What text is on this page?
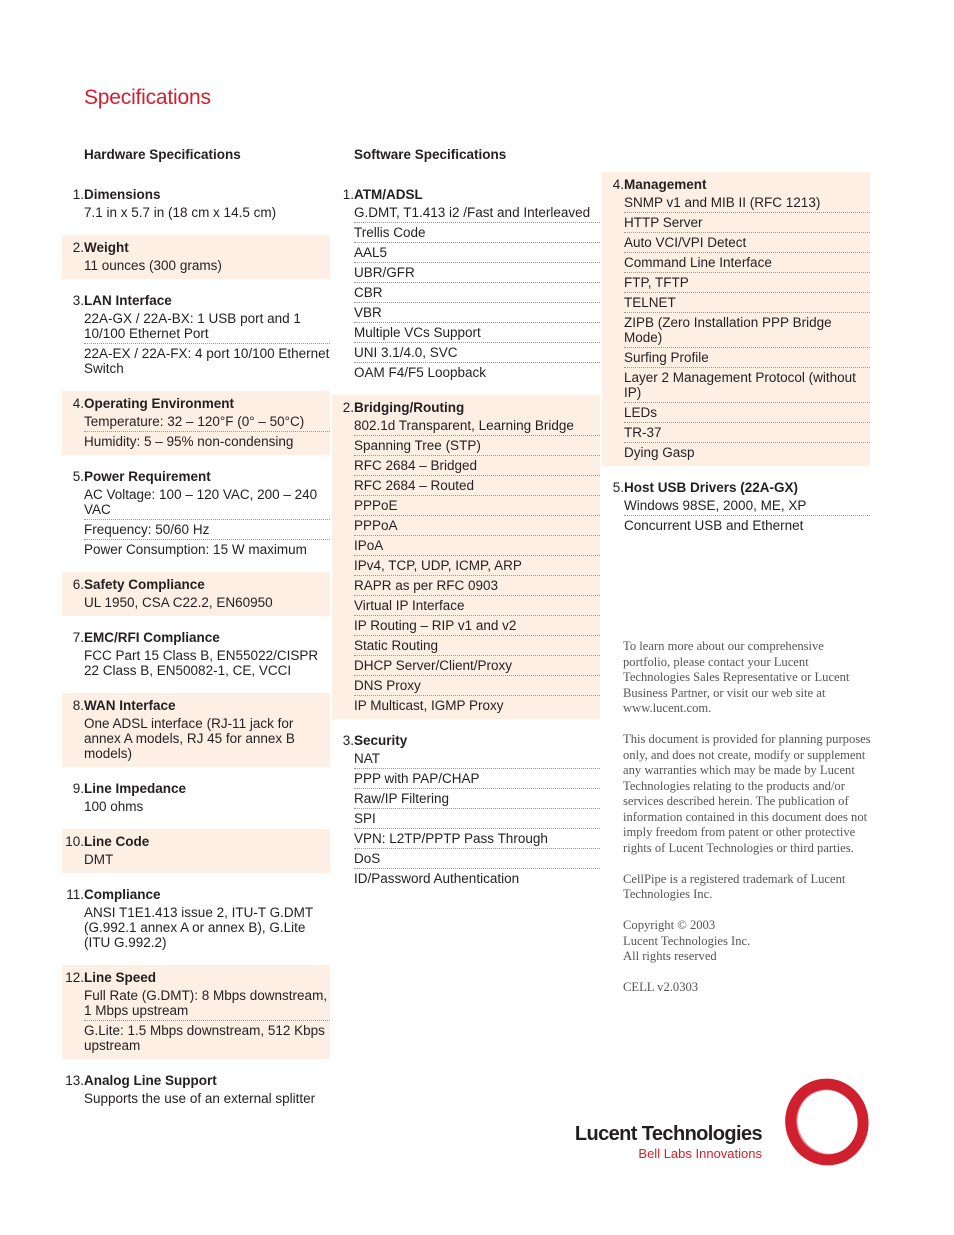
Specifications
Hardware Specifications
1. Dimensions
7.1 in x 5.7 in (18 cm x 14.5 cm)
2. Weight
11 ounces (300 grams)
3. LAN Interface
22A-GX / 22A-BX: 1 USB port and 1 10/100 Ethernet Port
22A-EX / 22A-FX: 4 port 10/100 Ethernet Switch
4. Operating Environment
Temperature: 32 – 120°F (0° – 50°C)
Humidity: 5 – 95% non-condensing
5. Power Requirement
AC Voltage: 100 – 120 VAC, 200 – 240 VAC
Frequency: 50/60 Hz
Power Consumption: 15 W maximum
6. Safety Compliance
UL 1950, CSA C22.2, EN60950
7. EMC/RFI Compliance
FCC Part 15 Class B, EN55022/CISPR 22 Class B, EN50082-1, CE, VCCI
8. WAN Interface
One ADSL interface (RJ-11 jack for annex A models, RJ 45 for annex B models)
9. Line Impedance
100 ohms
10. Line Code
DMT
11. Compliance
ANSI T1E1.413 issue 2, ITU-T G.DMT (G.992.1 annex A or annex B), G.Lite (ITU G.992.2)
12. Line Speed
Full Rate (G.DMT): 8 Mbps downstream, 1 Mbps upstream
G.Lite: 1.5 Mbps downstream, 512 Kbps upstream
13. Analog Line Support
Supports the use of an external splitter
Software Specifications
1. ATM/ADSL
G.DMT, T1.413 i2 /Fast and Interleaved
Trellis Code
AAL5
UBR/GFR
CBR
VBR
Multiple VCs Support
UNI 3.1/4.0, SVC
OAM F4/F5 Loopback
2. Bridging/Routing
802.1d Transparent, Learning Bridge
Spanning Tree (STP)
RFC 2684 – Bridged
RFC 2684 – Routed
PPPoE
PPPoA
IPoA
IPv4, TCP, UDP, ICMP, ARP
RAPR as per RFC 0903
Virtual IP Interface
IP Routing – RIP v1 and v2
Static Routing
DHCP Server/Client/Proxy
DNS Proxy
IP Multicast, IGMP Proxy
3. Security
NAT
PPP with PAP/CHAP
Raw/IP Filtering
SPI
VPN: L2TP/PPTP Pass Through
DoS
ID/Password Authentication
4. Management
SNMP v1 and MIB II (RFC 1213)
HTTP Server
Auto VCI/VPI Detect
Command Line Interface
FTP, TFTP
TELNET
ZIPB (Zero Installation PPP Bridge Mode)
Surfing Profile
Layer 2 Management Protocol (without IP)
LEDs
TR-37
Dying Gasp
5. Host USB Drivers (22A-GX)
Windows 98SE, 2000, ME, XP
Concurrent USB and Ethernet

To learn more about our comprehensive portfolio, please contact your Lucent Technologies Sales Representative or Lucent Business Partner, or visit our web site at www.lucent.com.

This document is provided for planning purposes only, and does not create, modify or supplement any warranties which may be made by Lucent Technologies relating to the products and/or services described herein. The publication of information contained in this document does not imply freedom from patent or other protective rights of Lucent Technologies or third parties.

CellPipe is a registered trademark of Lucent Technologies Inc.

Copyright © 2003
Lucent Technologies Inc.
All rights reserved

CELL v2.0303

Lucent Technologies
Bell Labs Innovations
